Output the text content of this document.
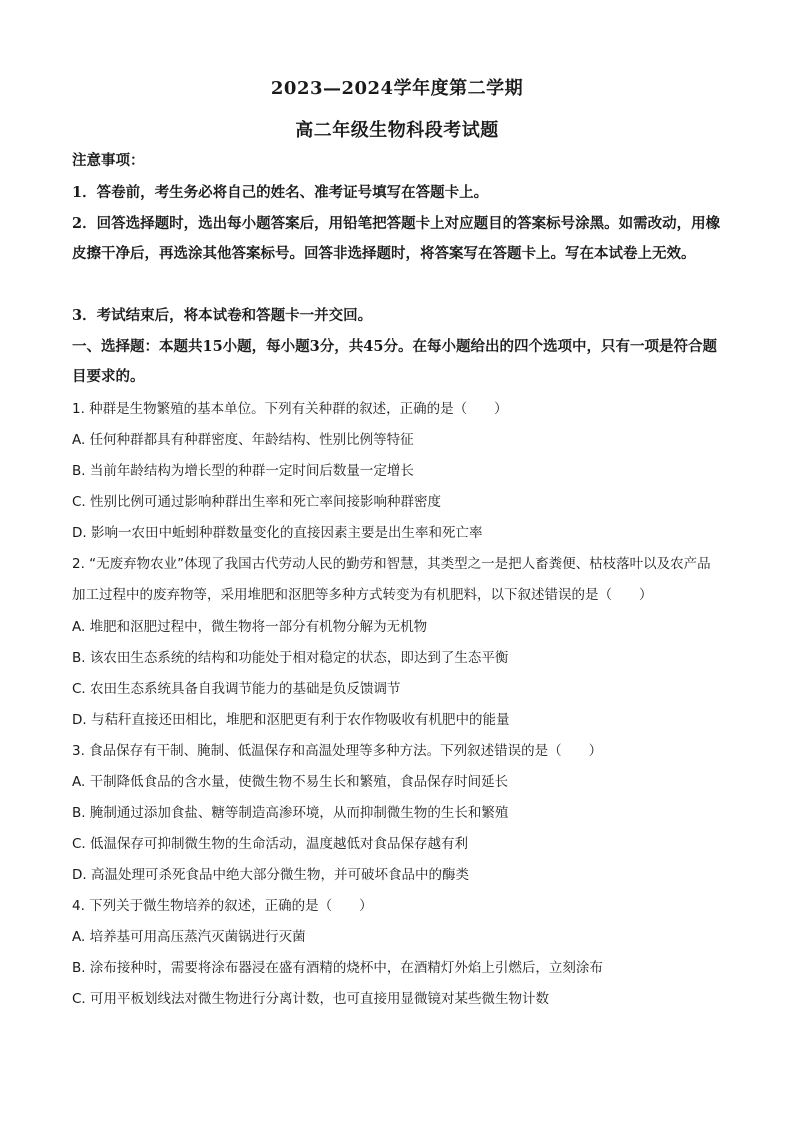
2023—2024学年度第二学期
高二年级生物科段考试题
注意事项：
1．答卷前，考生务必将自己的姓名、准考证号填写在答题卡上。
2．回答选择题时，选出每小题答案后，用铅笔把答题卡上对应题目的答案标号涂黑。如需改动，用橡皮擦干净后，再选涂其他答案标号。回答非选择题时，将答案写在答题卡上。写在本试卷上无效。
3．考试结束后，将本试卷和答题卡一并交回。
一、选择题：本题共15小题，每小题3分，共45分。在每小题给出的四个选项中，只有一项是符合题目要求的。
1. 种群是生物繁殖的基本单位。下列有关种群的叙述，正确的是（　　）
A. 任何种群都具有种群密度、年龄结构、性别比例等特征
B. 当前年龄结构为增长型的种群一定时间后数量一定增长
C. 性别比例可通过影响种群出生率和死亡率间接影响种群密度
D. 影响一农田中蚯蚓种群数量变化的直接因素主要是出生率和死亡率
2. “无废弃物农业”体现了我国古代劳动人民的勤劳和智慧，其类型之一是把人畜粪便、枯枝落叶以及农产品加工过程中的废弃物等，采用堆肥和沤肥等多种方式转变为有机肥料，以下叙述错误的是（　　）
A. 堆肥和沤肥过程中，微生物将一部分有机物分解为无机物
B. 该农田生态系统的结构和功能处于相对稳定的状态，即达到了生态平衡
C. 农田生态系统具备自我调节能力的基础是负反馈调节
D. 与秸秆直接还田相比，堆肥和沤肥更有利于农作物吸收有机肥中的能量
3. 食品保存有干制、腌制、低温保存和高温处理等多种方法。下列叙述错误的是（　　）
A. 干制降低食品的含水量，使微生物不易生长和繁殖，食品保存时间延长
B. 腌制通过添加食盐、糖等制造高渗环境，从而抑制微生物的生长和繁殖
C. 低温保存可抑制微生物的生命活动，温度越低对食品保存越有利
D. 高温处理可杀死食品中绝大部分微生物，并可破坏食品中的酶类
4. 下列关于微生物培养的叙述，正确的是（　　）
A. 培养基可用高压蒸汽灭菌锅进行灭菌
B. 涂布接种时，需要将涂布器浸在盛有酒精的烧杯中，在酒精灯外焰上引燃后，立刻涂布
C. 可用平板划线法对微生物进行分离计数，也可直接用显微镜对某些微生物计数
